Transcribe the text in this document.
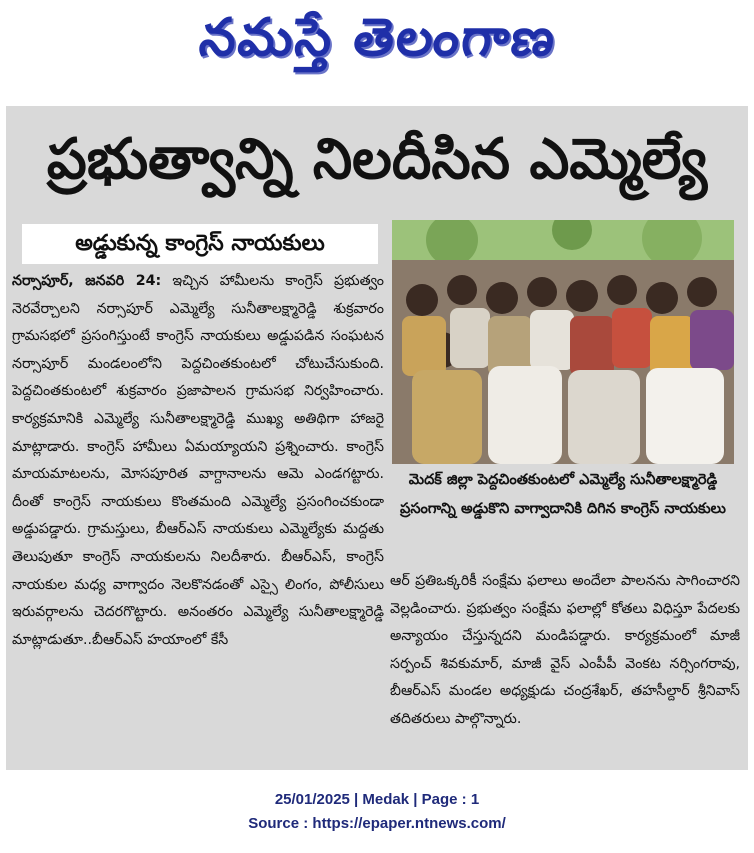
నమస్తే తెలంగాణ
ప్రభుత్వాన్ని నిలదీసిన ఎమ్మెల్యే
అడ్డుకున్న కాంగ్రెస్ నాయకులు
నర్సాపూర్, జనవరి 24: ఇచ్చిన హామీలను కాంగ్రెస్ ప్రభుత్వం నెరవేర్చాలని నర్సాపూర్ ఎమ్మెల్యే సునీతాలక్ష్మారెడ్డి శుక్రవారం గ్రామసభలో ప్రసంగిస్తుంటే కాంగ్రెస్ నాయకులు అడ్డుపడిన సంఘటన నర్సాపూర్ మండలంలోని పెద్దచింతకుంటలో చోటుచేసుకుంది. పెద్దచింతకుంటలో శుక్రవారం ప్రజాపాలన గ్రామసభ నిర్వహించారు. కార్యక్రమానికి ఎమ్మెల్యే సునీతాలక్ష్మారెడ్డి ముఖ్య అతిథిగా హాజరై మాట్లాడారు. కాంగ్రెస్ హామీలు ఏమయ్యాయని ప్రశ్నించారు. కాంగ్రెస్ మాయమాటలను, మోసపూరిత వాగ్దానాలను ఆమె ఎండగట్టారు. దీంతో కాంగ్రెస్ నాయకులు కొంతమంది ఎమ్మెల్యే ప్రసంగించకుండా అడ్డుపడ్డారు. గ్రామస్తులు, బీఆర్ఎస్ నాయకులు ఎమ్మెల్యేకు మద్దతు తెలుపుతూ కాంగ్రెస్ నాయకులను నిలదీశారు. బీఆర్ఎస్, కాంగ్రెస్ నాయకుల మధ్య వాగ్వాదం నెలకొనడంతో ఎస్సై లింగం, పోలీసులు ఇరువర్గాలను చెదరగొట్టారు. అనంతరం ఎమ్మెల్యే సునీతాలక్ష్మారెడ్డి మాట్లాడుతూ..బీఆర్ఎస్ హయాంలో కేసీ
మెదక్ జిల్లా పెద్దచింతకుంటలో ఎమ్మెల్యే సునీతాలక్ష్మారెడ్డి ప్రసంగాన్ని అడ్డుకొని వాగ్వాదానికి దిగిన కాంగ్రెస్ నాయకులు
ఆర్ ప్రతిఒక్కరికీ సంక్షేమ ఫలాలు అందేలా పాలనను సాగించారని వెల్లడించారు. ప్రభుత్వం సంక్షేమ ఫలాల్లో కోతలు విధిస్తూ పేదలకు అన్యాయం చేస్తున్నదని మండిపడ్డారు. కార్యక్రమంలో మాజీ సర్పంచ్ శివకుమార్, మాజీ వైస్ ఎంపీపీ వెంకట నర్సింగరావు, బీఆర్ఎస్ మండల అధ్యక్షుడు చంద్రశేఖర్, తహసీల్దార్ శ్రీనివాస్ తదితరులు పాల్గొన్నారు.
25/01/2025 | Medak | Page : 1
Source : https://epaper.ntnews.com/
